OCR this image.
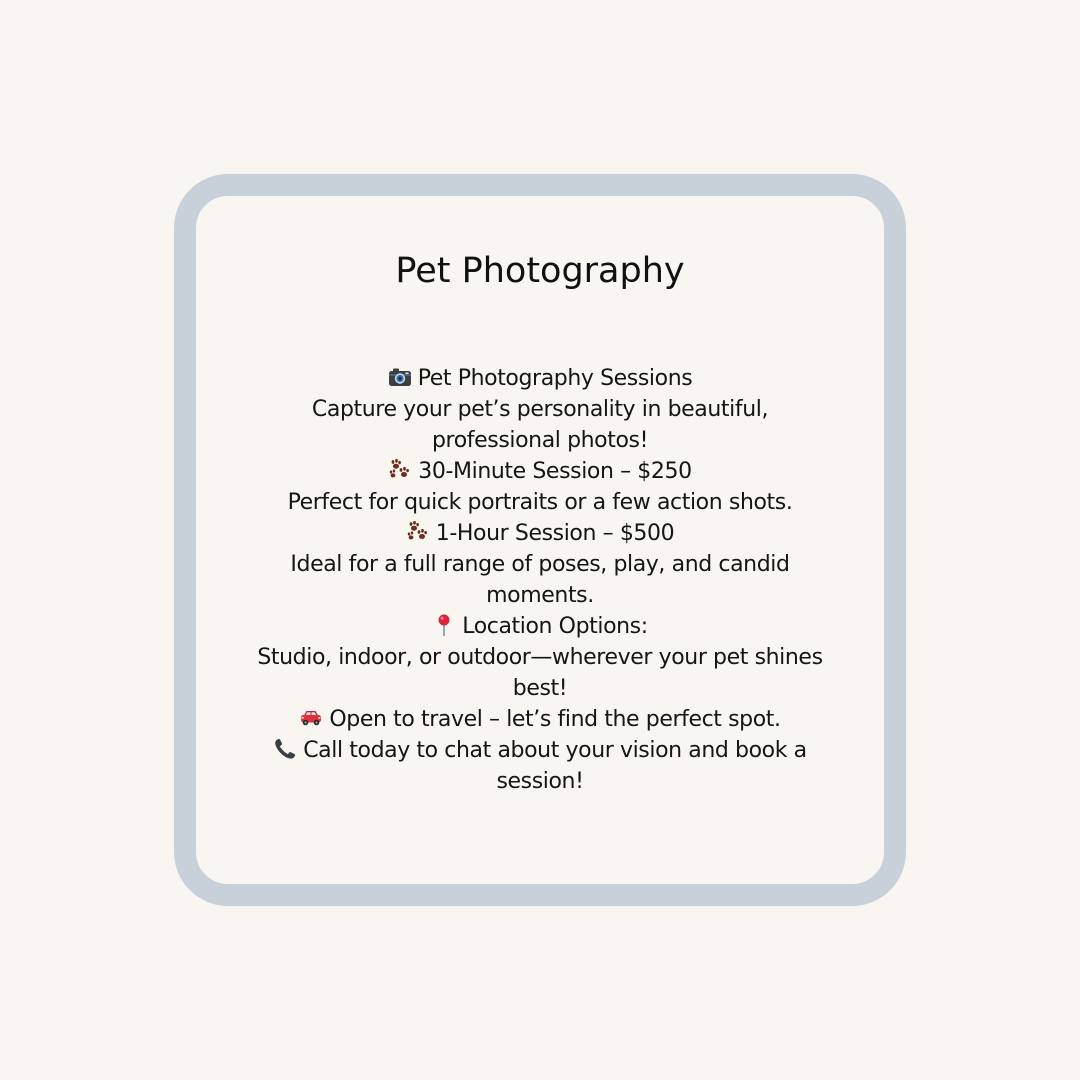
Pet Photography
Pet Photography Sessions
Capture your pet’s personality in beautiful,
professional photos!
30-Minute Session – $250
Perfect for quick portraits or a few action shots.
1-Hour Session – $500
Ideal for a full range of poses, play, and candid
moments.
Location Options:
Studio, indoor, or outdoor—wherever your pet shines
best!
Open to travel – let’s find the perfect spot.
Call today to chat about your vision and book a
session!
